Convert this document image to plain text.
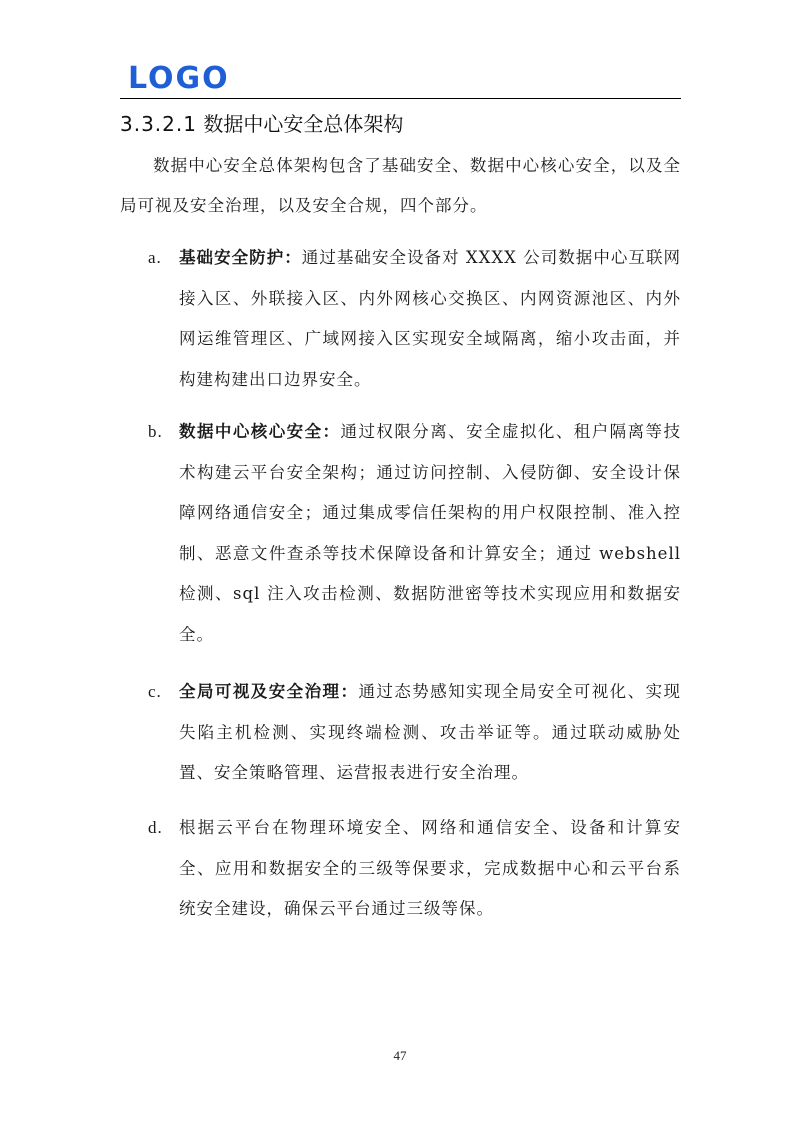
LOGO
3.3.2.1 数据中心安全总体架构

数据中心安全总体架构包含了基础安全、数据中心核心安全，以及全局可视及安全治理，以及安全合规，四个部分。

a.	基础安全防护：通过基础安全设备对 XXXX 公司数据中心互联网接入区、外联接入区、内外网核心交换区、内网资源池区、内外网运维管理区、广域网接入区实现安全域隔离，缩小攻击面，并构建构建出口边界安全。
b. 数据中心核心安全：通过权限分离、安全虚拟化、租户隔离等技术构建云平台安全架构；通过访问控制、入侵防御、安全设计保障网络通信安全；通过集成零信任架构的用户权限控制、准入控制、恶意文件查杀等技术保障设备和计算安全；通过 webshell 检测、sql 注入攻击检测、数据防泄密等技术实现应用和数据安全。
c.	全局可视及安全治理：通过态势感知实现全局安全可视化、实现失陷主机检测、实现终端检测、攻击举证等。通过联动威胁处置、安全策略管理、运营报表进行安全治理。
d. 根据云平台在物理环境安全、网络和通信安全、设备和计算安全、应用和数据安全的三级等保要求，完成数据中心和云平台系统安全建设，确保云平台通过三级等保。
47
